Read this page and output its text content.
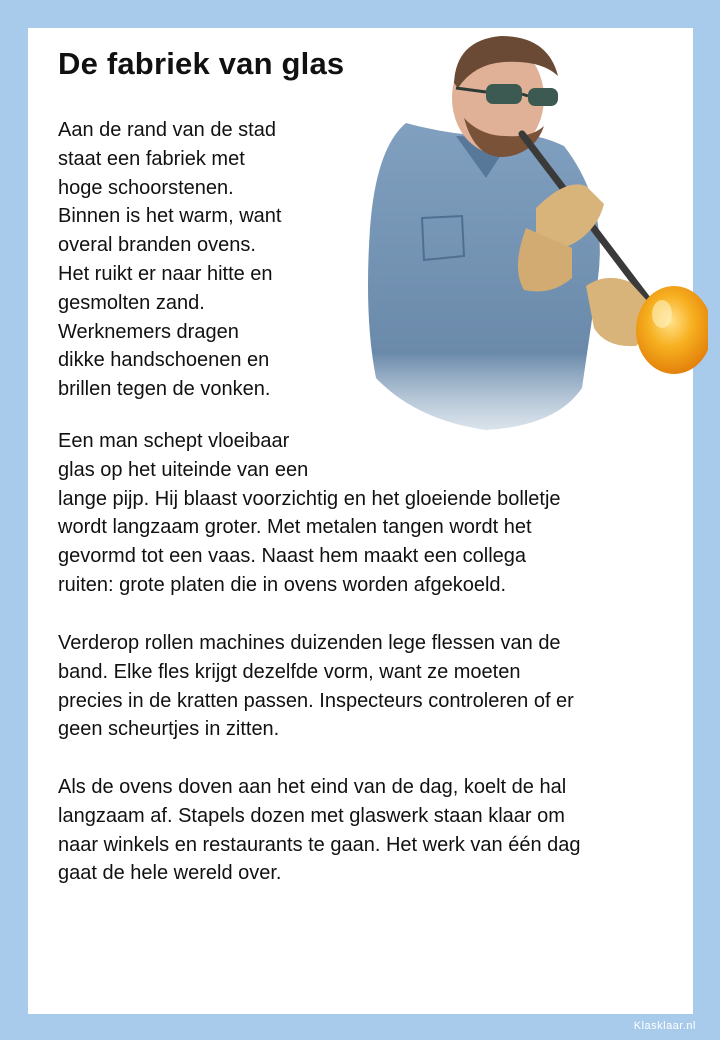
De fabriek van glas

Aan de rand van de stad
staat een fabriek met
hoge schoorstenen.
Binnen is het warm, want
overal branden ovens.
Het ruikt er naar hitte en
gesmolten zand.
Werknemers dragen
dikke handschoenen en
brillen tegen de vonken.

Een man schept vloeibaar
glas op het uiteinde van een
lange pijp. Hij blaast voorzichtig en het gloeiende bolletje
wordt langzaam groter. Met metalen tangen wordt het
gevormd tot een vaas. Naast hem maakt een collega
ruiten: grote platen die in ovens worden afgekoeld.

Verderop rollen machines duizenden lege flessen van de
band. Elke fles krijgt dezelfde vorm, want ze moeten
precies in de kratten passen. Inspecteurs controleren of er
geen scheurtjes in zitten.

Als de ovens doven aan het eind van de dag, koelt de hal
langzaam af. Stapels dozen met glaswerk staan klaar om
naar winkels en restaurants te gaan. Het werk van één dag
gaat de hele wereld over.

Klasklaar.nl
